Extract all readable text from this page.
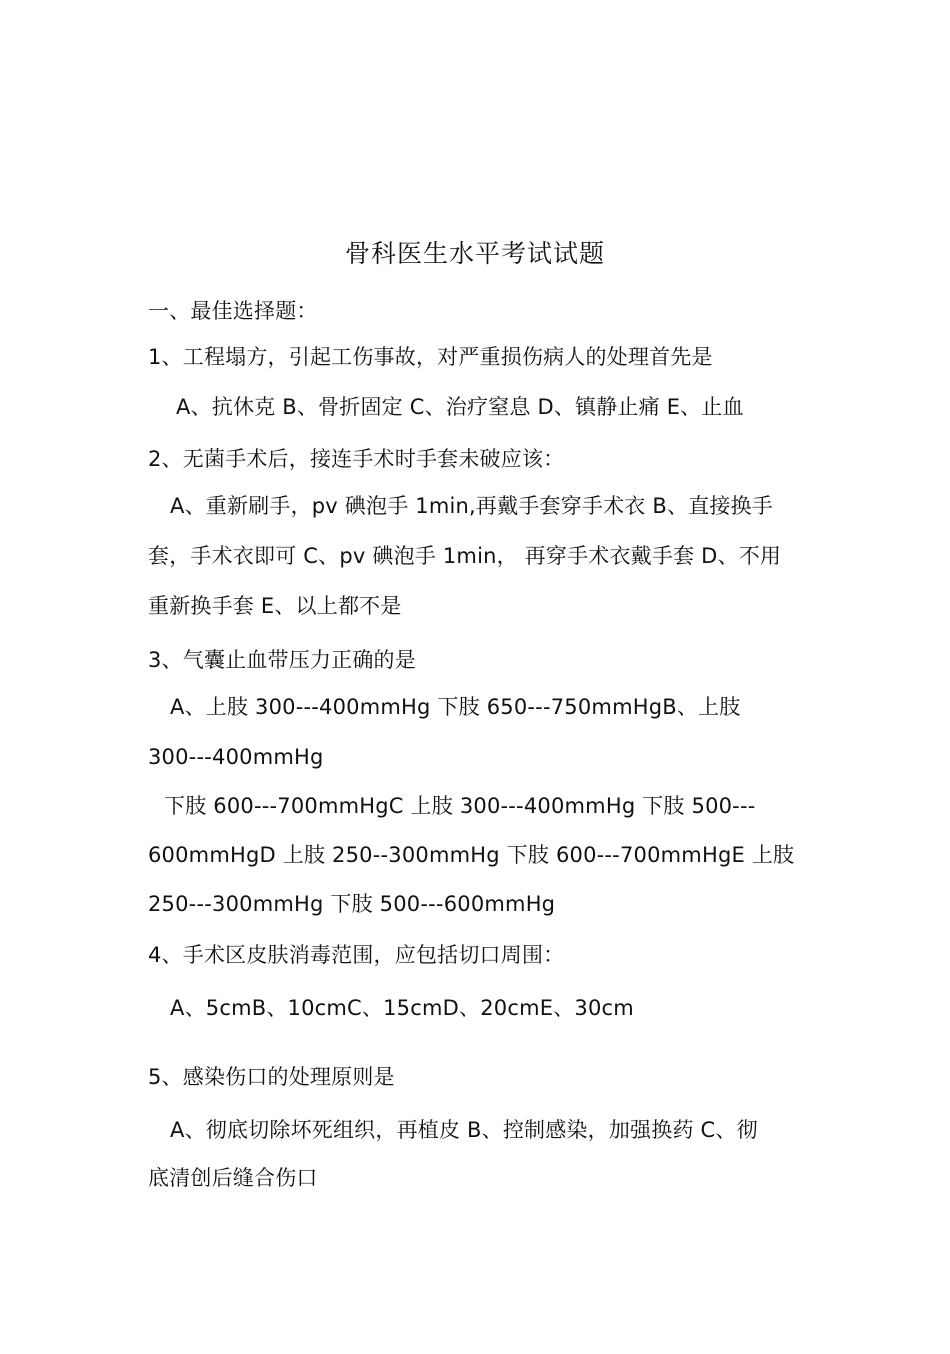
骨科医生水平考试试题
一、最佳选择题：
1、工程塌方，引起工伤事故，对严重损伤病人的处理首先是
A、抗休克 B、骨折固定 C、治疗窒息 D、镇静止痛 E、止血
2、无菌手术后，接连手术时手套未破应该：
A、重新刷手，pv 碘泡手 1min,再戴手套穿手术衣 B、直接换手
套，手术衣即可 C、pv 碘泡手 1min， 再穿手术衣戴手套 D、不用
重新换手套 E、以上都不是
3、气囊止血带压力正确的是
A、上肢 300---400mmHg 下肢 650---750mmHgB、上肢
300---400mmHg
下肢 600---700mmHgC 上肢 300---400mmHg 下肢 500---
600mmHgD 上肢 250--300mmHg 下肢 600---700mmHgE 上肢
250---300mmHg 下肢 500---600mmHg
4、手术区皮肤消毒范围，应包括切口周围：
A、5cmB、10cmC、15cmD、20cmE、30cm
5、感染伤口的处理原则是
A、彻底切除坏死组织，再植皮 B、控制感染，加强换药 C、彻
底清创后缝合伤口
